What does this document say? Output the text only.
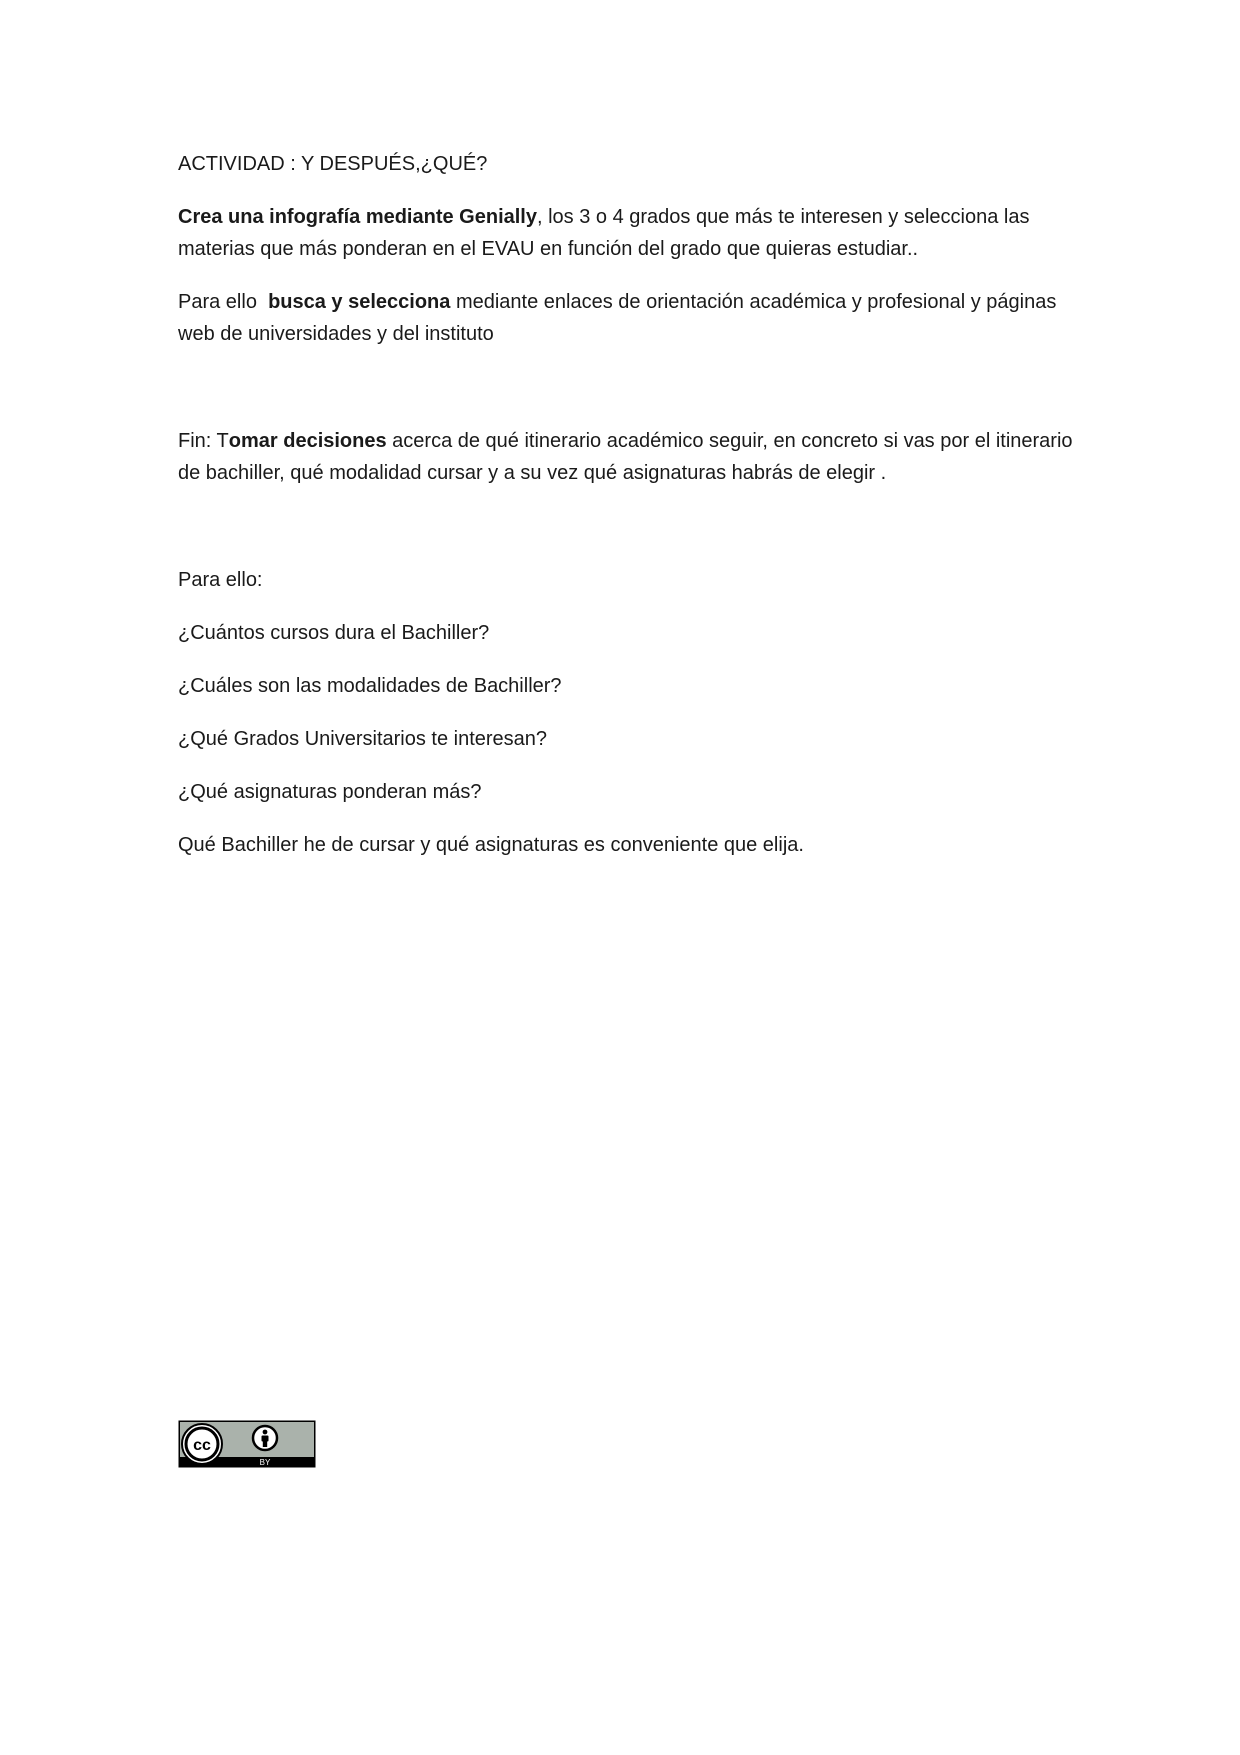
ACTIVIDAD : Y DESPUÉS,¿QUÉ?

Crea una infografía mediante Genially, los 3 o 4 grados que más te interesen y selecciona las materias que más ponderan en el EVAU en función del grado que quieras estudiar..

Para ello  busca y selecciona mediante enlaces de orientación académica y profesional y páginas web de universidades y del instituto

Fin: Tomar decisiones acerca de qué itinerario académico seguir, en concreto si vas por el itinerario de bachiller, qué modalidad cursar y a su vez qué asignaturas habrás de elegir .

Para ello:

¿Cuántos cursos dura el Bachiller?

¿Cuáles son las modalidades de Bachiller?

¿Qué Grados Universitarios te interesan?

¿Qué asignaturas ponderan más?

Qué Bachiller he de cursar y qué asignaturas es conveniente que elija.

cc
BY
